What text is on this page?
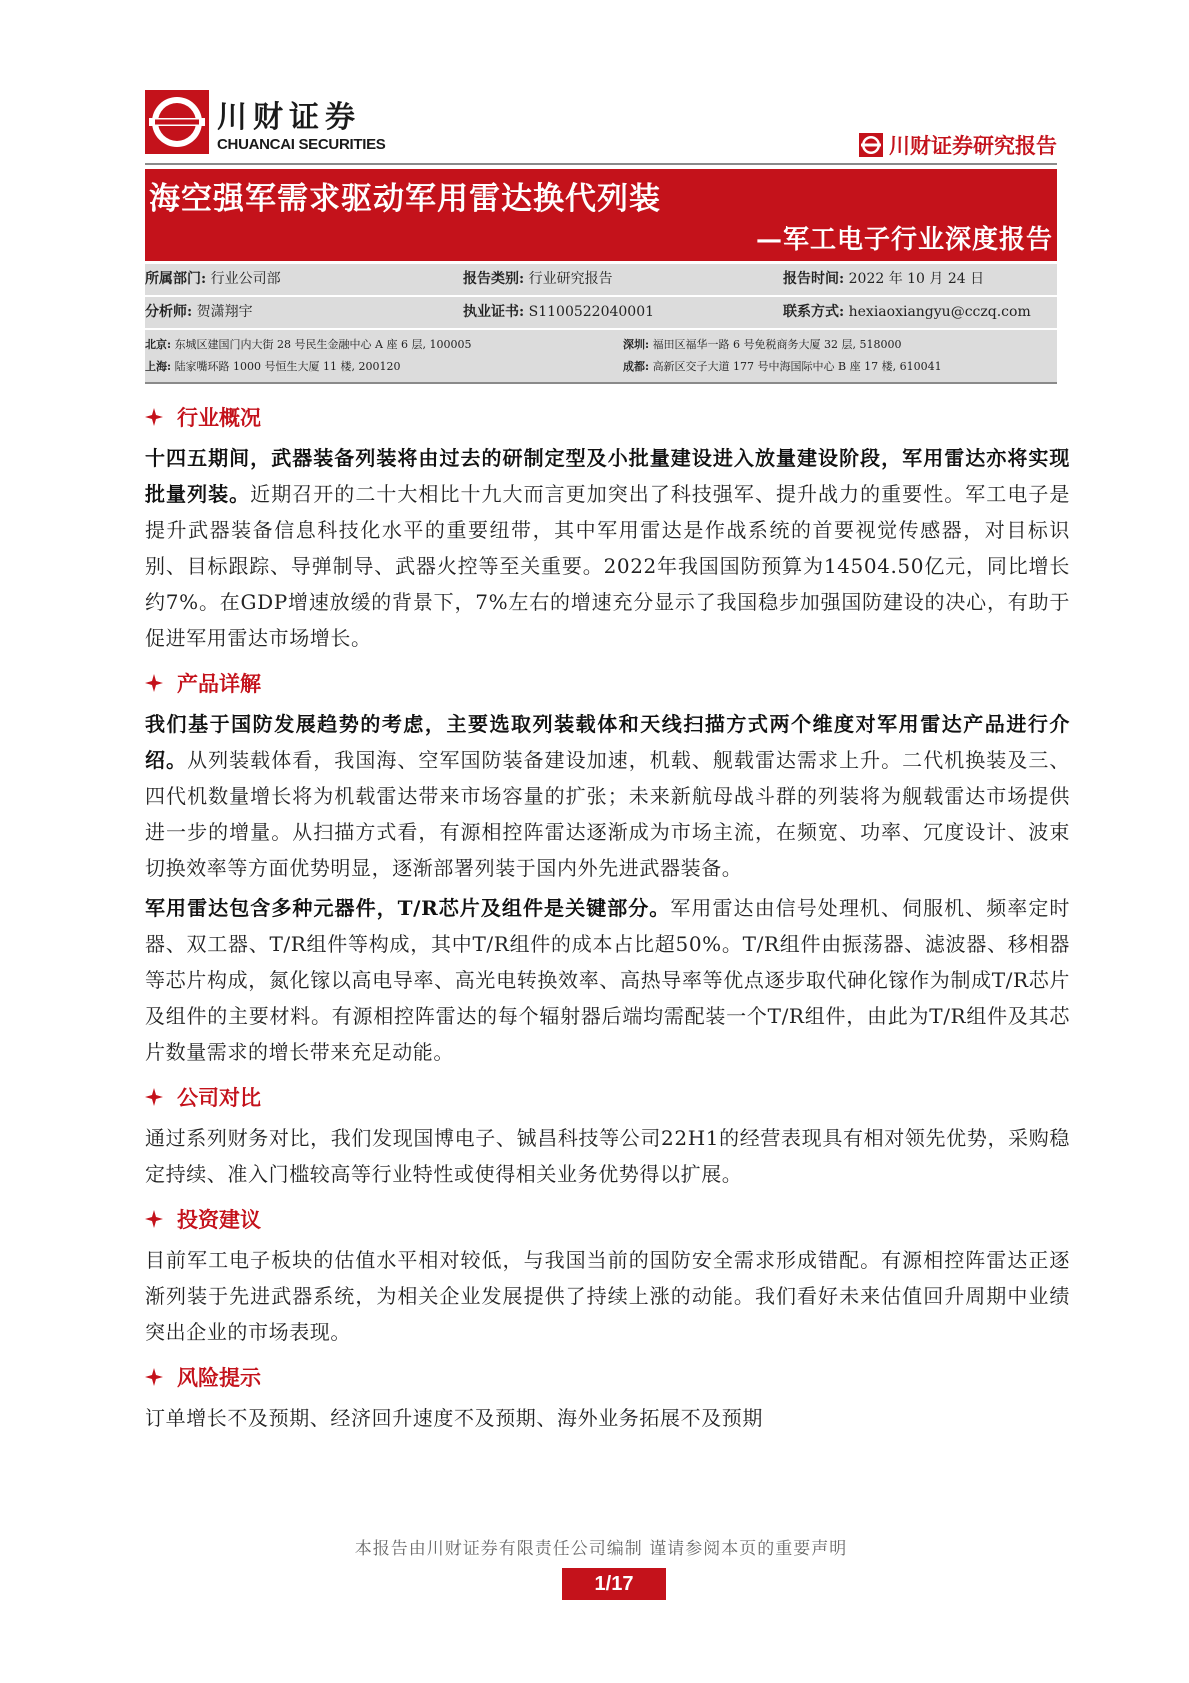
川财证券
CHUANCAI SECURITIES	川财证券研究报告
海空强军需求驱动军用雷达换代列装
—军工电子行业深度报告
所属部门: 行业公司部	报告类别: 行业研究报告	报告时间: 2022 年 10 月 24 日
分析师: 贺潇翔宇	执业证书: S1100522040001	联系方式: hexiaoxiangyu@cczq.com
北京: 东城区建国门内大街 28 号民生金融中心 A 座 6 层, 100005	深圳: 福田区福华一路 6 号免税商务大厦 32 层, 518000
上海: 陆家嘴环路 1000 号恒生大厦 11 楼, 200120	成都: 高新区交子大道 177 号中海国际中心 B 座 17 楼, 610041
行业概况

十四五期间，武器装备列装将由过去的研制定型及小批量建设进入放量建设阶段，军用雷达亦将实现批量列装。近期召开的二十大相比十九大而言更加突出了科技强军、提升战力的重要性。军工电子是提升武器装备信息科技化水平的重要纽带，其中军用雷达是作战系统的首要视觉传感器，对目标识别、目标跟踪、导弹制导、武器火控等至关重要。2022年我国国防预算为14504.50亿元，同比增长约7%。在GDP增速放缓的背景下，7%左右的增速充分显示了我国稳步加强国防建设的决心，有助于促进军用雷达市场增长。

产品详解

我们基于国防发展趋势的考虑，主要选取列装载体和天线扫描方式两个维度对军用雷达产品进行介绍。从列装载体看，我国海、空军国防装备建设加速，机载、舰载雷达需求上升。二代机换装及三、四代机数量增长将为机载雷达带来市场容量的扩张；未来新航母战斗群的列装将为舰载雷达市场提供进一步的增量。从扫描方式看，有源相控阵雷达逐渐成为市场主流，在频宽、功率、冗度设计、波束切换效率等方面优势明显，逐渐部署列装于国内外先进武器装备。

军用雷达包含多种元器件，T/R芯片及组件是关键部分。军用雷达由信号处理机、伺服机、频率定时器、双工器、T/R组件等构成，其中T/R组件的成本占比超50%。T/R组件由振荡器、滤波器、移相器等芯片构成，氮化镓以高电导率、高光电转换效率、高热导率等优点逐步取代砷化镓作为制成T/R芯片及组件的主要材料。有源相控阵雷达的每个辐射器后端均需配装一个T/R组件，由此为T/R组件及其芯片数量需求的增长带来充足动能。

公司对比

通过系列财务对比，我们发现国博电子、铖昌科技等公司22H1的经营表现具有相对领先优势，采购稳定持续、准入门槛较高等行业特性或使得相关业务优势得以扩展。

投资建议

目前军工电子板块的估值水平相对较低，与我国当前的国防安全需求形成错配。有源相控阵雷达正逐渐列装于先进武器系统，为相关企业发展提供了持续上涨的动能。我们看好未来估值回升周期中业绩突出企业的市场表现。

风险提示

订单增长不及预期、经济回升速度不及预期、海外业务拓展不及预期

本报告由川财证券有限责任公司编制 谨请参阅本页的重要声明
1/17
